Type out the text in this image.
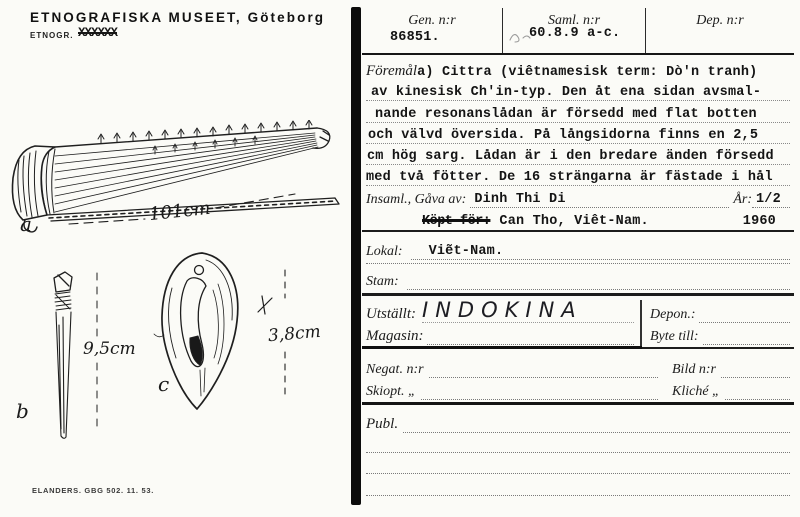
ETNOGRAFISKA MUSEET, Göteborg
ETNOGR. XXXXXX
101cm
a
9,5cm
b
3,8cm
c
ELANDERS. GBG 502. 11. 53.
Gen. n:r
86851.
Saml. n:r
60.8.9 a-c.
Dep. n:r
Föremål a) Cittra (viêtnamesisk term: Dò'n tranh)
av kinesisk Ch'in-typ. Den åt ena sidan avsmal-
nande resonanslådan är försedd med flat botten
och välvd översida. På långsidorna finns en 2,5
cm hög sarg. Lådan är i den bredare änden försedd
med två fötter. De 16 strängarna är fästade i hål
Insaml., Gåva av: Dinh Thi Di	År: 1/2
Köpt för: Can Tho, Viêt-Nam.	1960
Lokal:	Viẽt-Nam.
Stam:
Utställt: INDOKINA	Depon.:
Magasin:	Byte till:
Negat. n:r	Bild n:r
Skiopt. „	Kliché „
Publ.
